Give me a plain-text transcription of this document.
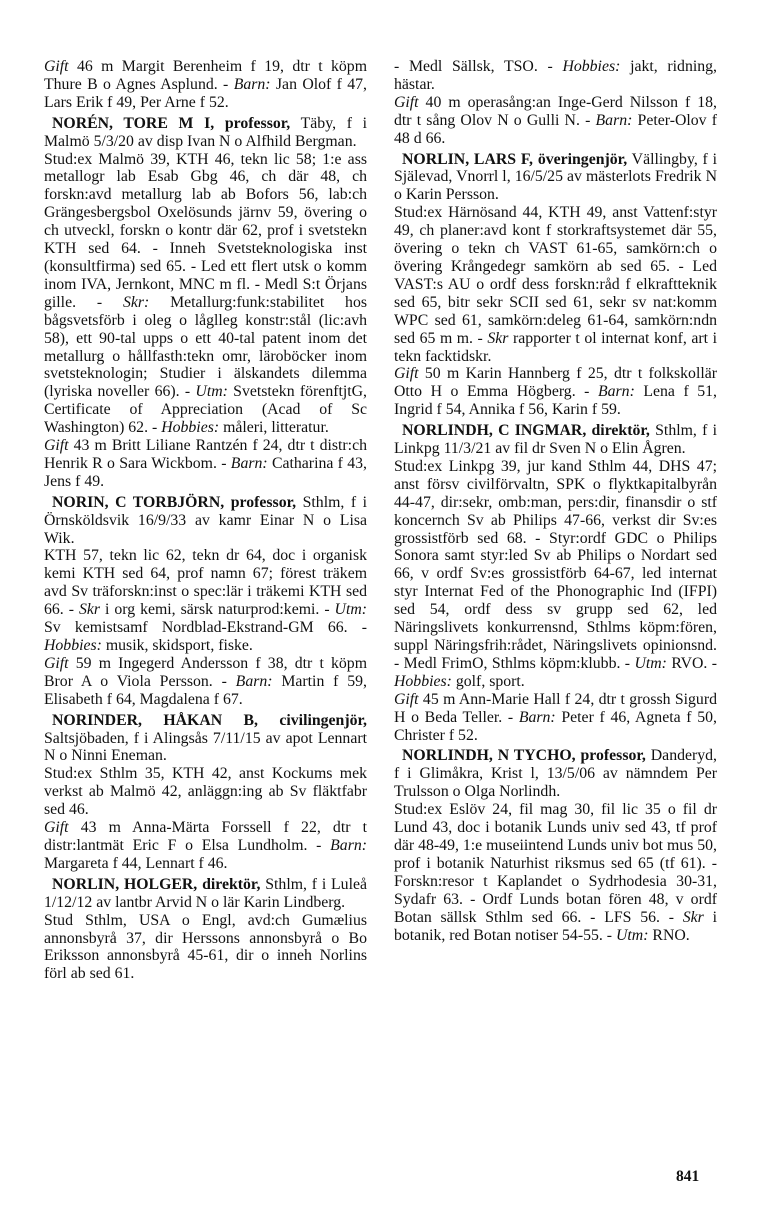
Gift 46 m Margit Berenheim f 19, dtr t köpm Thure B o Agnes Asplund. - Barn: Jan Olof f 47, Lars Erik f 49, Per Arne f 52.
NORÉN, TORE M I, professor, Täby, f i Malmö 5/3/20 av disp Ivan N o Alfhild Bergman.
Stud:ex Malmö 39, KTH 46, tekn lic 58; 1:e ass metallogr lab Esab Gbg 46, ch där 48, ch forskn:avd metallurg lab ab Bofors 56, lab:ch Grängesbergsbol Oxelösunds järnv 59, övering o ch utveckl, forskn o kontr där 62, prof i svetstekn KTH sed 64. - Inneh Svetsteknologiska inst (konsultfirma) sed 65. - Led ett flert utsk o komm inom IVA, Jernkont, MNC m fl. - Medl S:t Örjans gille. - Skr: Metallurg:funk:stabilitet hos bågsvetsförb i oleg o låglleg konstr:stål (lic:avh 58), ett 90-tal upps o ett 40-tal patent inom det metallurg o hållfasth:tekn omr, läroböcker inom svetsteknologin; Studier i älskandets dilemma (lyriska noveller 66). - Utm: Svetstekn förenftjtG, Certificate of Appreciation (Acad of Sc Washington) 62. - Hobbies: måleri, litteratur.
Gift 43 m Britt Liliane Rantzén f 24, dtr t distr:ch Henrik R o Sara Wickbom. - Barn: Catharina f 43, Jens f 49.
NORIN, C TORBJÖRN, professor, Sthlm, f i Örnsköldsvik 16/9/33 av kamr Einar N o Lisa Wik.
KTH 57, tekn lic 62, tekn dr 64, doc i organisk kemi KTH sed 64, prof namn 67; förest träkem avd Sv träforskn:inst o spec:lär i träkemi KTH sed 66. - Skr i org kemi, särsk naturprod:kemi. - Utm: Sv kemistsamf Nordblad-Ekstrand-GM 66. - Hobbies: musik, skidsport, fiske.
Gift 59 m Ingegerd Andersson f 38, dtr t köpm Bror A o Viola Persson. - Barn: Martin f 59, Elisabeth f 64, Magdalena f 67.
NORINDER, HÅKAN B, civilingenjör, Saltsjöbaden, f i Alingsås 7/11/15 av apot Lennart N o Ninni Eneman.
Stud:ex Sthlm 35, KTH 42, anst Kockums mek verkst ab Malmö 42, anläggn:ing ab Sv fläktfabr sed 46.
Gift 43 m Anna-Märta Forssell f 22, dtr t distr:lantmät Eric F o Elsa Lundholm. - Barn: Margareta f 44, Lennart f 46.
NORLIN, HOLGER, direktör, Sthlm, f i Luleå 1/12/12 av lantbr Arvid N o lär Karin Lindberg.
Stud Sthlm, USA o Engl, avd:ch Gumælius annonsbyrå 37, dir Herssons annonsbyrå o Bo Eriksson annonsbyrå 45-61, dir o inneh Norlins förl ab sed 61.
- Medl Sällsk, TSO. - Hobbies: jakt, ridning, hästar.
Gift 40 m operasång:an Inge-Gerd Nilsson f 18, dtr t sång Olov N o Gulli N. - Barn: Peter-Olov f 48 d 66.
NORLIN, LARS F, överingenjör, Vällingby, f i Själevad, Vnorrl l, 16/5/25 av mästerlots Fredrik N o Karin Persson.
Stud:ex Härnösand 44, KTH 49, anst Vattenf:styr 49, ch planer:avd kont f storkraftsystemet där 55, övering o tekn ch VAST 61-65, samkörn:ch o övering Krångedegr samkörn ab sed 65. - Led VAST:s AU o ordf dess forskn:råd f elkraftteknik sed 65, bitr sekr SCII sed 61, sekr sv nat:komm WPC sed 61, samkörn:deleg 61-64, samkörn:ndn sed 65 m m. - Skr rapporter t ol internat konf, art i tekn facktidskr.
Gift 50 m Karin Hannberg f 25, dtr t folkskollär Otto H o Emma Högberg. - Barn: Lena f 51, Ingrid f 54, Annika f 56, Karin f 59.
NORLINDH, C INGMAR, direktör, Sthlm, f i Linkpg 11/3/21 av fil dr Sven N o Elin Ågren.
Stud:ex Linkpg 39, jur kand Sthlm 44, DHS 47; anst försv civilförvaltn, SPK o flyktkapitalbyrån 44-47, dir:sekr, omb:man, pers:dir, finansdir o stf koncernch Sv ab Philips 47-66, verkst dir Sv:es grossistförb sed 68. - Styr:ordf GDC o Philips Sonora samt styr:led Sv ab Philips o Nordart sed 66, v ordf Sv:es grossistförb 64-67, led internat styr Internat Fed of the Phonographic Ind (IFPI) sed 54, ordf dess sv grupp sed 62, led Näringslivets konkurrensnd, Sthlms köpm:fören, suppl Näringsfrih:rådet, Näringslivets opinionsnd. - Medl FrimO, Sthlms köpm:klubb. - Utm: RVO. - Hobbies: golf, sport.
Gift 45 m Ann-Marie Hall f 24, dtr t grossh Sigurd H o Beda Teller. - Barn: Peter f 46, Agneta f 50, Christer f 52.
NORLINDH, N TYCHO, professor, Danderyd, f i Glimåkra, Krist l, 13/5/06 av nämndem Per Trulsson o Olga Norlindh.
Stud:ex Eslöv 24, fil mag 30, fil lic 35 o fil dr Lund 43, doc i botanik Lunds univ sed 43, tf prof där 48-49, 1:e museiintend Lunds univ bot mus 50, prof i botanik Naturhist riksmus sed 65 (tf 61). - Forskn:resor t Kaplandet o Sydrhodesia 30-31, Sydafr 63. - Ordf Lunds botan fören 48, v ordf Botan sällsk Sthlm sed 66. - LFS 56. - Skr i botanik, red Botan notiser 54-55. - Utm: RNO.
841
